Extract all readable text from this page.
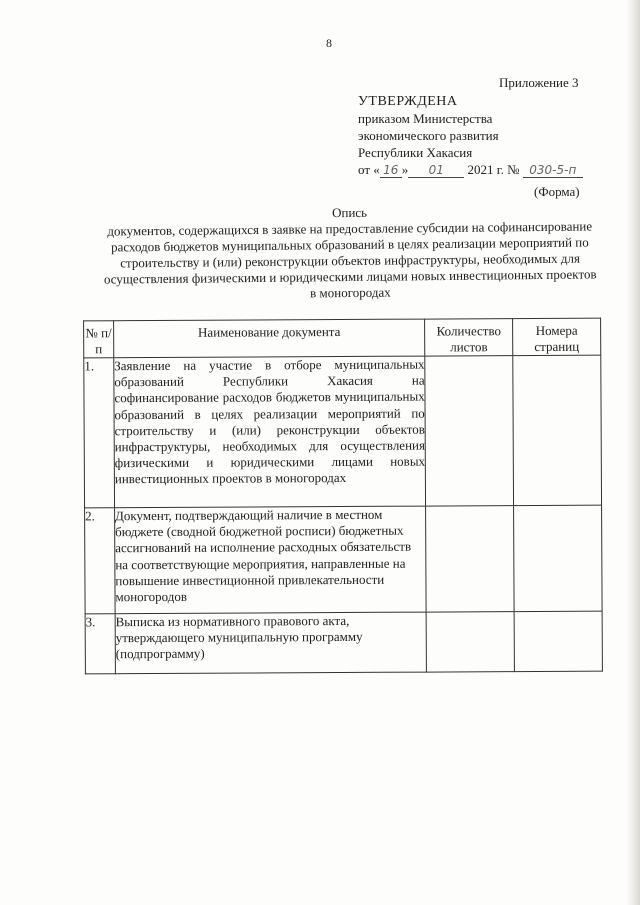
8
Приложение 3
УТВЕРЖДЕНА
приказом Министерства
экономического развития
Республики Хакасия
от « 16 » 01 2021 г. № 030-5-п
(Форма)
Опись
документов, содержащихся в заявке на предоставление субсидии на софинансирование расходов бюджетов муниципальных образований в целях реализации мероприятий по строительству и (или) реконструкции объектов инфраструктуры, необходимых для осуществления физическими и юридическими лицами новых инвестиционных проектов в моногородах
№ п/п	Наименование документа	Количество листов	Номера страниц
1.	Заявление на участие в отборе муниципальных образований Республики Хакасия на софинансирование расходов бюджетов муниципальных образований в целях реализации мероприятий по строительству и (или) реконструкции объектов инфраструктуры, необходимых для осуществления физическими и юридическими лицами новых инвестиционных проектов в моногородах		
2.	Документ, подтверждающий наличие в местном бюджете (сводной бюджетной росписи) бюджетных ассигнований на исполнение расходных обязательств на соответствующие мероприятия, направленные на повышение инвестиционной привлекательности моногородов		
3.	Выписка из нормативного правового акта, утверждающего муниципальную программу (подпрограмму)		
